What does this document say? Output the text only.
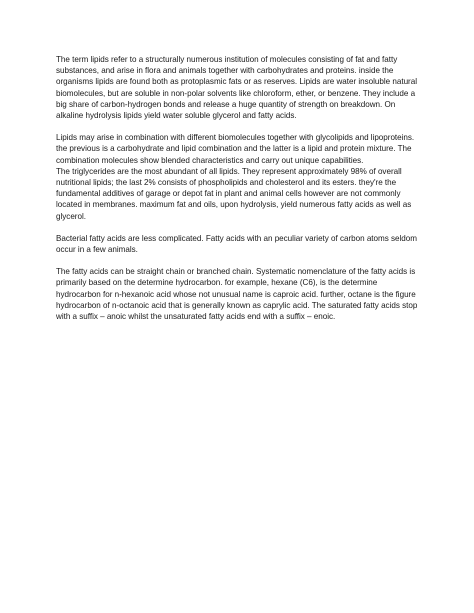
The term lipids refer to a structurally numerous institution of molecules consisting of fat and fatty substances, and arise in flora and animals together with carbohydrates and proteins. inside the organisms lipids are found both as protoplasmic fats or as reserves. Lipids are water insoluble natural biomolecules, but are soluble in non-polar solvents like chloroform, ether, or benzene. They include a big share of carbon-hydrogen bonds and release a huge quantity of strength on breakdown. On alkaline hydrolysis lipids yield water soluble glycerol and fatty acids.

Lipids may arise in combination with different biomolecules together with glycolipids and lipoproteins. the previous is a carbohydrate and lipid combination and the latter is a lipid and protein mixture. The combination molecules show blended characteristics and carry out unique capabilities.

The triglycerides are the most abundant of all lipids. They represent approximately 98% of overall nutritional lipids; the last 2% consists of phospholipids and cholesterol and its esters. they're the fundamental additives of garage or depot fat in plant and animal cells however are not commonly located in membranes. maximum fat and oils, upon hydrolysis, yield numerous fatty acids as well as glycerol.

Bacterial fatty acids are less complicated. Fatty acids with an peculiar variety of carbon atoms seldom occur in a few animals.

The fatty acids can be straight chain or branched chain. Systematic nomenclature of the fatty acids is primarily based on the determine hydrocarbon. for example, hexane (C6), is the determine hydrocarbon for n-hexanoic acid whose not unusual name is caproic acid. further, octane is the figure hydrocarbon of n-octanoic acid that is generally known as caprylic acid. The saturated fatty acids stop with a suffix – anoic whilst the unsaturated fatty acids end with a suffix – enoic.
